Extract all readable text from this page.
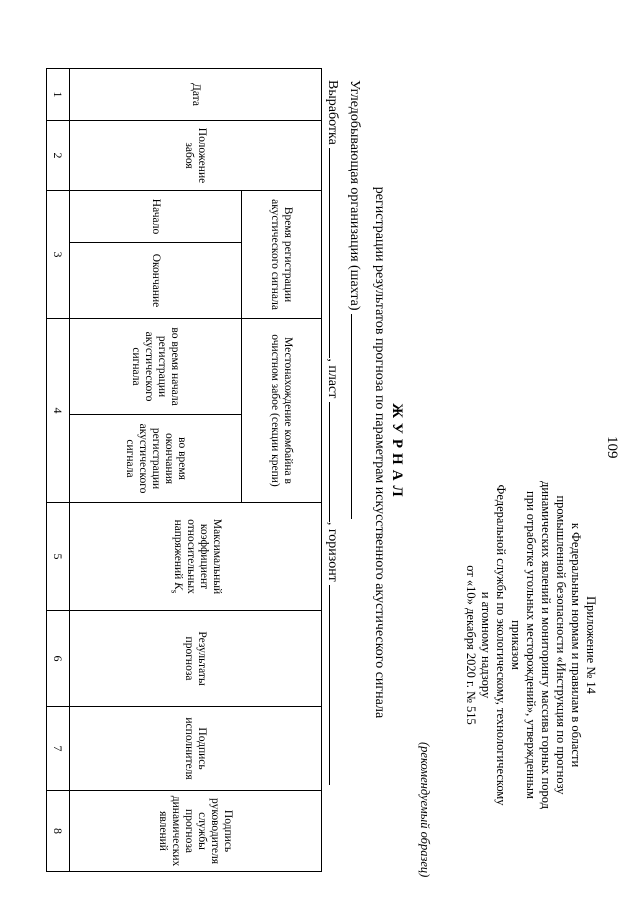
109
Приложение № 14
к Федеральным нормам и правилам в области
промышленной безопасности «Инструкция по прогнозу
динамических явлений и мониторингу массива горных пород
при отработке угольных месторождений», утвержденным приказом
Федеральной службы по экологическому, технологическому и атомному надзору
от «10» декабря 2020 г. № 515
(рекомендуемый образец)
ЖУРНАЛ
регистрации результатов прогноза по параметрам искусственного акустического сигнала
Угледобывающая организация (шахта)
Выработка , пласт , горизонт
Дата	Положение забоя	Время регистрации акустического сигнала		Местонахождение комбайна в очистном забое (секции крепи)		Максимальный коэффициент относительных напряжений $K_s$	Результаты прогноза	Подпись исполнителя	Подпись руководителя службы прогноза динамических явлений
		Начало	Окончание	во время начала регистрации акустического сигнала	во время окончания регистрации акустического сигнала				
1	2	3		4		5	6	7	8
